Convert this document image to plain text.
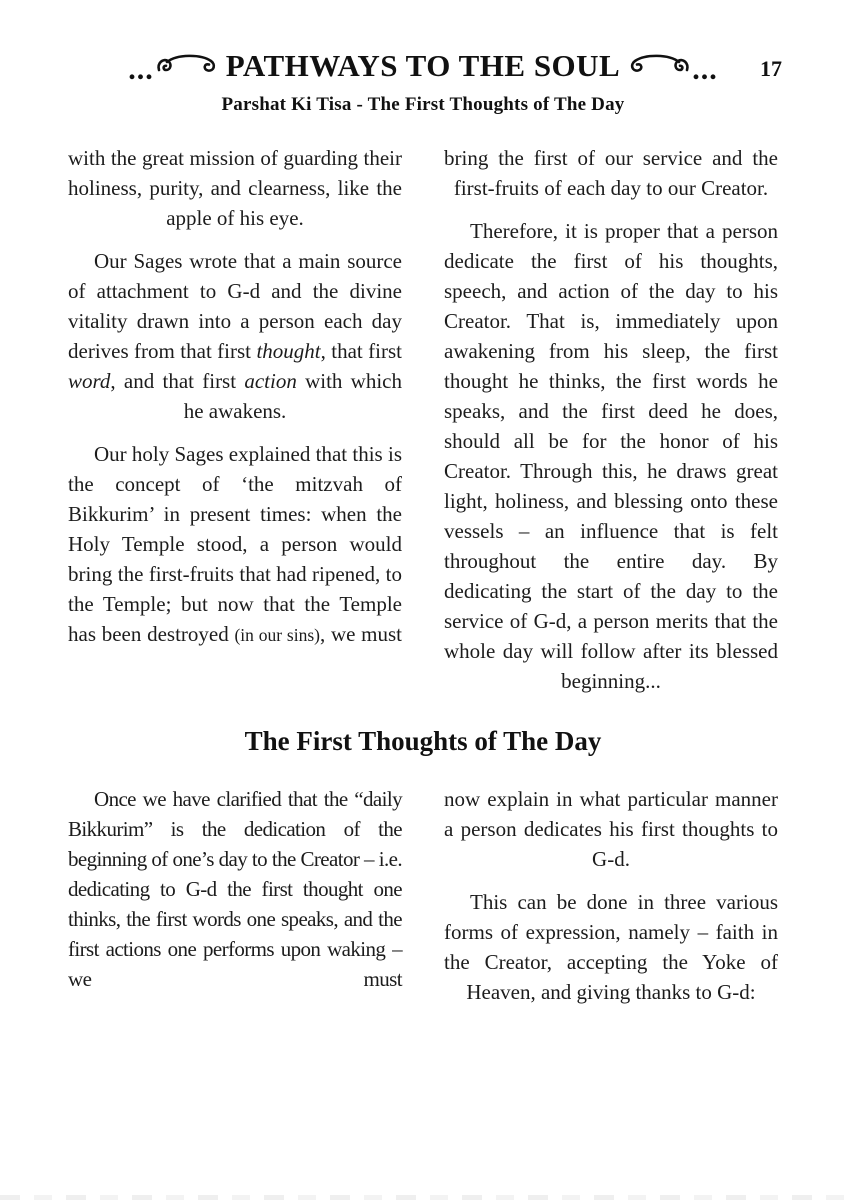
... PATHWAYS TO THE SOUL ... 17
Parshat Ki Tisa - The First Thoughts of The Day

with the great mission of guarding their holiness, purity, and clearness, like the apple of his eye.

Our Sages wrote that a main source of attachment to G-d and the divine vitality drawn into a person each day derives from that first thought, that first word, and that first action with which he awakens.

Our holy Sages explained that this is the concept of ‘the mitzvah of Bikkurim’ in present times: when the Holy Temple stood, a person would bring the first-fruits that had ripened, to the Temple; but now that the Temple has been destroyed (in our sins), we must

bring the first of our service and the first-fruits of each day to our Creator.

Therefore, it is proper that a person dedicate the first of his thoughts, speech, and action of the day to his Creator. That is, immediately upon awakening from his sleep, the first thought he thinks, the first words he speaks, and the first deed he does, should all be for the honor of his Creator. Through this, he draws great light, holiness, and blessing onto these vessels – an influence that is felt throughout the entire day. By dedicating the start of the day to the service of G-d, a person merits that the whole day will follow after its blessed beginning...

The First Thoughts of The Day

Once we have clarified that the “daily Bikkurim” is the dedication of the beginning of one’s day to the Creator – i.e. dedicating to G-d the first thought one thinks, the first words one speaks, and the first actions one performs upon waking – we must

now explain in what particular manner a person dedicates his first thoughts to G-d.

This can be done in three various forms of expression, namely – faith in the Creator, accepting the Yoke of Heaven, and giving thanks to G-d:
